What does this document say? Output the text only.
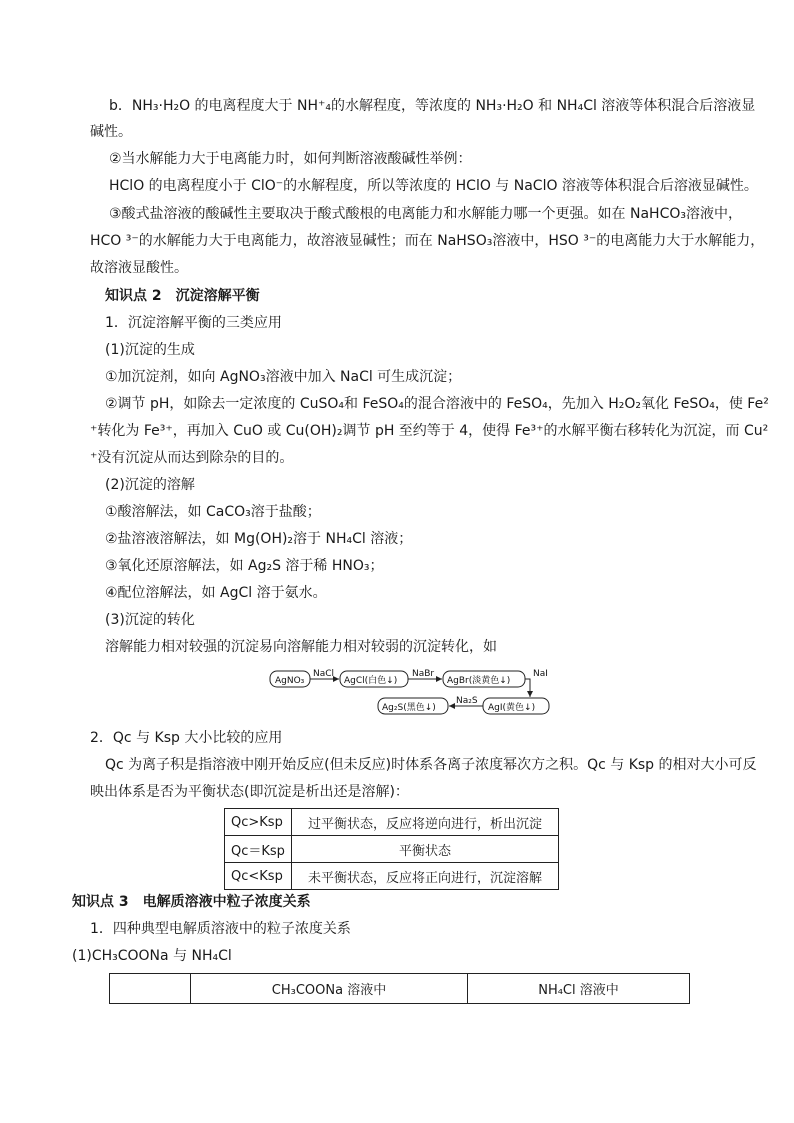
b．NH₃·H₂O 的电离程度大于 NH⁺₄的水解程度，等浓度的 NH₃·H₂O 和 NH₄Cl 溶液等体积混合后溶液显
碱性。
②当水解能力大于电离能力时，如何判断溶液酸碱性举例：
HClO 的电离程度小于 ClO⁻的水解程度，所以等浓度的 HClO 与 NaClO 溶液等体积混合后溶液显碱性。
③酸式盐溶液的酸碱性主要取决于酸式酸根的电离能力和水解能力哪一个更强。如在 NaHCO₃溶液中，
HCO ³⁻的水解能力大于电离能力，故溶液显碱性；而在 NaHSO₃溶液中，HSO ³⁻的电离能力大于水解能力，
故溶液显酸性。
知识点 2　沉淀溶解平衡
1．沉淀溶解平衡的三类应用
(1)沉淀的生成
①加沉淀剂，如向 AgNO₃溶液中加入 NaCl 可生成沉淀；
②调节 pH，如除去一定浓度的 CuSO₄和 FeSO₄的混合溶液中的 FeSO₄，先加入 H₂O₂氧化 FeSO₄，使 Fe²
⁺转化为 Fe³⁺，再加入 CuO 或 Cu(OH)₂调节 pH 至约等于 4，使得 Fe³⁺的水解平衡右移转化为沉淀，而 Cu²
⁺没有沉淀从而达到除杂的目的。
(2)沉淀的溶解
①酸溶解法，如 CaCO₃溶于盐酸；
②盐溶液溶解法，如 Mg(OH)₂溶于 NH₄Cl 溶液；
③氧化还原溶解法，如 Ag₂S 溶于稀 HNO₃；
④配位溶解法，如 AgCl 溶于氨水。
(3)沉淀的转化
溶解能力相对较强的沉淀易向溶解能力相对较弱的沉淀转化，如
AgNO₃
NaCl
AgCl(白色↓)
NaBr
AgBr(淡黄色↓)
NaI
AgI(黄色↓)
Na₂S
Ag₂S(黑色↓)
2．Qc 与 Ksp 大小比较的应用
Qc 为离子积是指溶液中刚开始反应(但未反应)时体系各离子浓度幂次方之积。Qc 与 Ksp 的相对大小可反
映出体系是否为平衡状态(即沉淀是析出还是溶解)：
Qc>Ksp	过平衡状态，反应将逆向进行，析出沉淀
Qc＝Ksp	平衡状态
Qc<Ksp	未平衡状态，反应将正向进行，沉淀溶解
知识点 3　电解质溶液中粒子浓度关系
1．四种典型电解质溶液中的粒子浓度关系
(1)CH₃COONa 与 NH₄Cl
	CH₃COONa 溶液中	NH₄Cl 溶液中
